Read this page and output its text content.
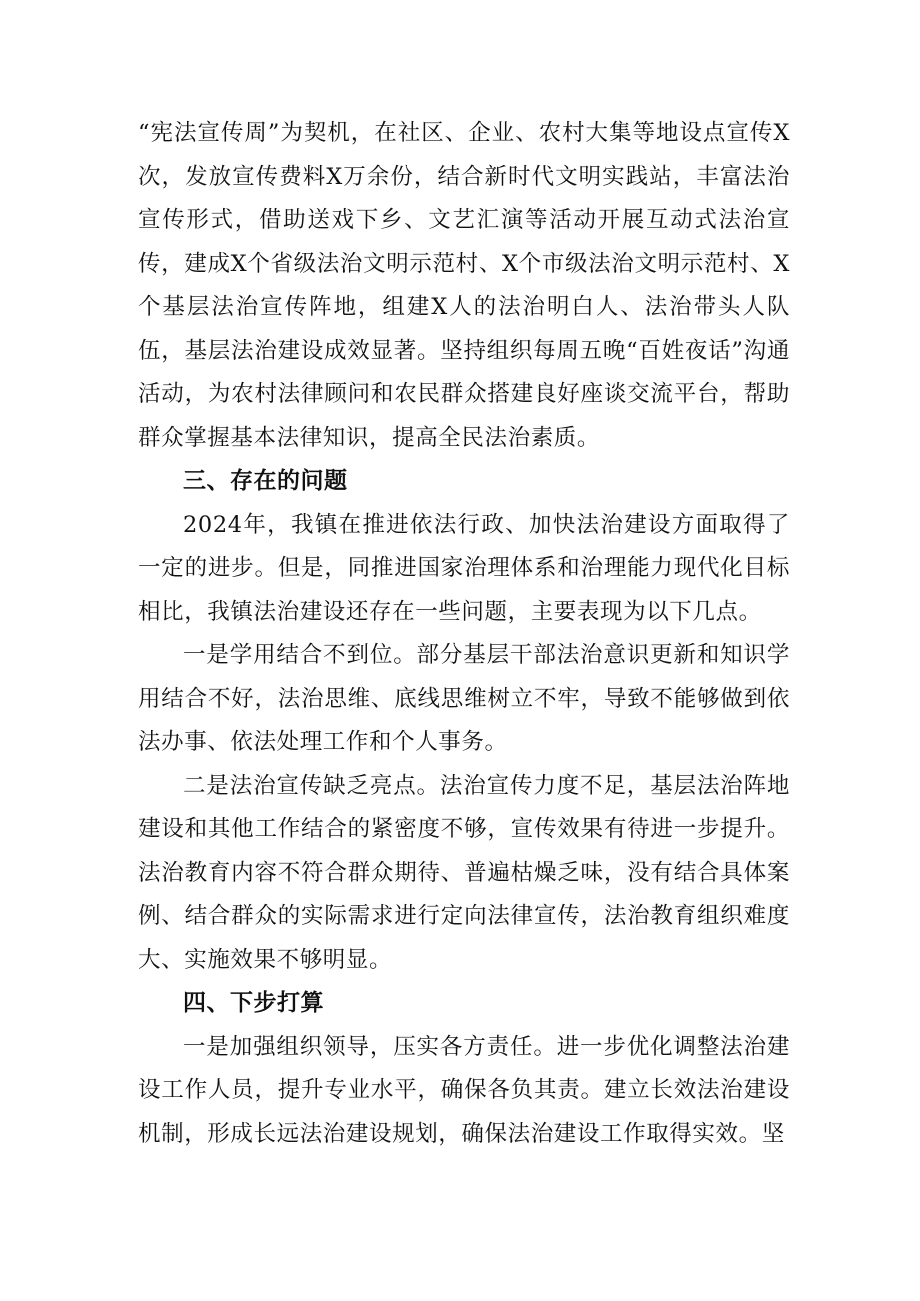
“宪法宣传周”为契机，在社区、企业、农村大集等地设点宣传X次，发放宣传费料X万余份，结合新时代文明实践站，丰富法治宣传形式，借助送戏下乡、文艺汇演等活动开展互动式法治宣传，建成X个省级法治文明示范村、X个市级法治文明示范村、X个基层法治宣传阵地，组建X人的法治明白人、法治带头人队伍，基层法治建设成效显著。坚持组织每周五晚“百姓夜话”沟通活动，为农村法律顾问和农民群众搭建良好座谈交流平台，帮助群众掌握基本法律知识，提高全民法治素质。

三、存在的问题

2024年，我镇在推进依法行政、加快法治建设方面取得了一定的进步。但是，同推进国家治理体系和治理能力现代化目标相比，我镇法治建设还存在一些问题，主要表现为以下几点。

一是学用结合不到位。部分基层干部法治意识更新和知识学用结合不好，法治思维、底线思维树立不牢，导致不能够做到依法办事、依法处理工作和个人事务。

二是法治宣传缺乏亮点。法治宣传力度不足，基层法治阵地建设和其他工作结合的紧密度不够，宣传效果有待进一步提升。法治教育内容不符合群众期待、普遍枯燥乏味，没有结合具体案例、结合群众的实际需求进行定向法律宣传，法治教育组织难度大、实施效果不够明显。

四、下步打算

一是加强组织领导，压实各方责任。进一步优化调整法治建设工作人员，提升专业水平，确保各负其责。建立长效法治建设机制，形成长远法治建设规划，确保法治建设工作取得实效。坚
